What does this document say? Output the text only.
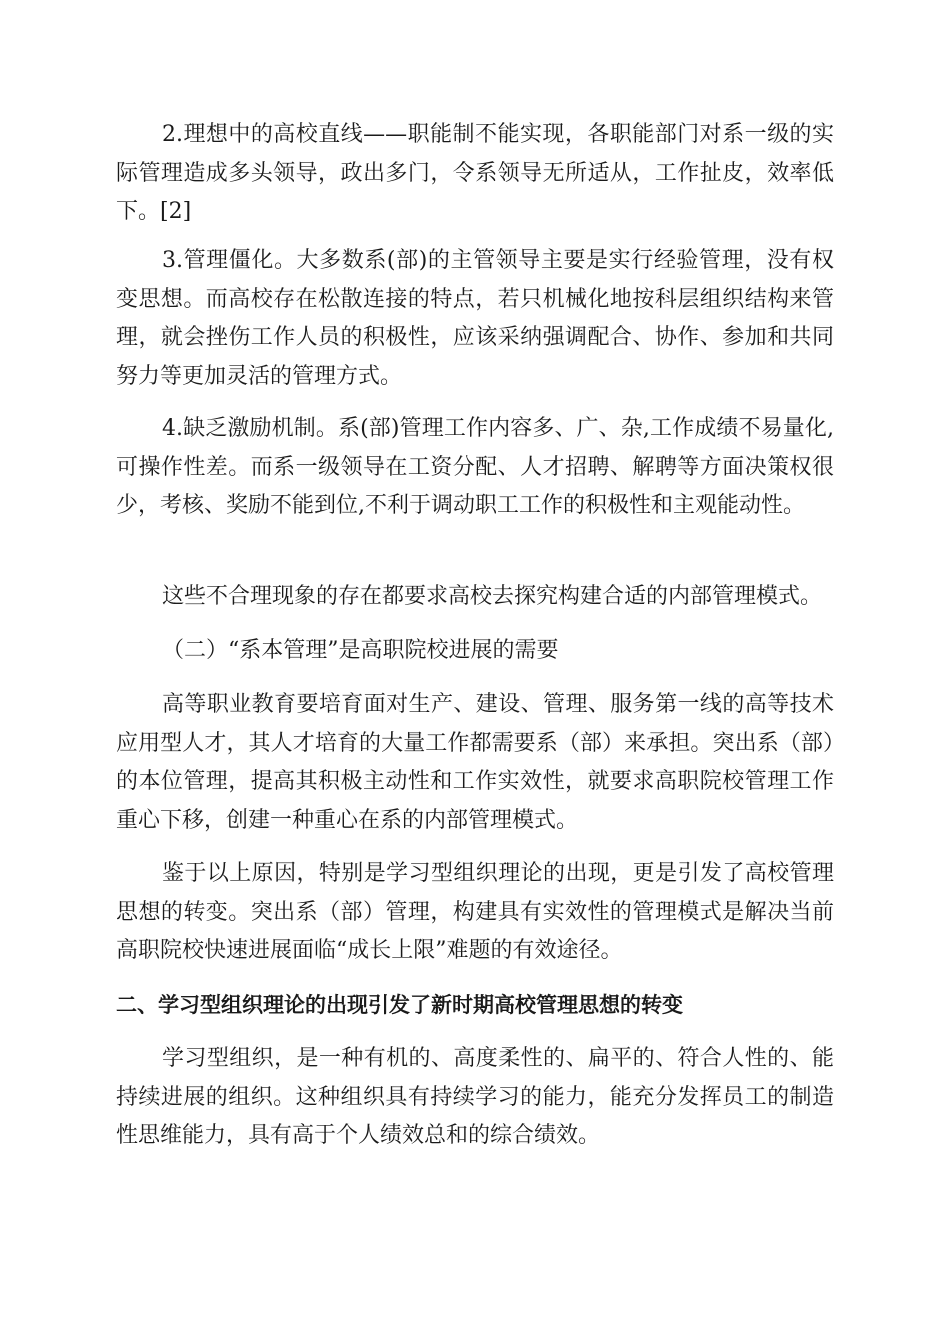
2.理想中的高校直线——职能制不能实现，各职能部门对系一级的实际管理造成多头领导，政出多门，令系领导无所适从，工作扯皮，效率低下。[2]

3.管理僵化。大多数系(部)的主管领导主要是实行经验管理，没有权变思想。而高校存在松散连接的特点，若只机械化地按科层组织结构来管理，就会挫伤工作人员的积极性，应该采纳强调配合、协作、参加和共同努力等更加灵活的管理方式。

4.缺乏激励机制。系(部)管理工作内容多、广、杂,工作成绩不易量化,可操作性差。而系一级领导在工资分配、人才招聘、解聘等方面决策权很少，考核、奖励不能到位,不利于调动职工工作的积极性和主观能动性。

这些不合理现象的存在都要求高校去探究构建合适的内部管理模式。

（二）“系本管理”是高职院校进展的需要

高等职业教育要培育面对生产、建设、管理、服务第一线的高等技术应用型人才，其人才培育的大量工作都需要系（部）来承担。突出系（部）的本位管理，提高其积极主动性和工作实效性，就要求高职院校管理工作重心下移，创建一种重心在系的内部管理模式。

鉴于以上原因，特别是学习型组织理论的出现，更是引发了高校管理思想的转变。突出系（部）管理，构建具有实效性的管理模式是解决当前高职院校快速进展面临“成长上限”难题的有效途径。

二、学习型组织理论的出现引发了新时期高校管理思想的转变

学习型组织，是一种有机的、高度柔性的、扁平的、符合人性的、能持续进展的组织。这种组织具有持续学习的能力，能充分发挥员工的制造性思维能力，具有高于个人绩效总和的综合绩效。
